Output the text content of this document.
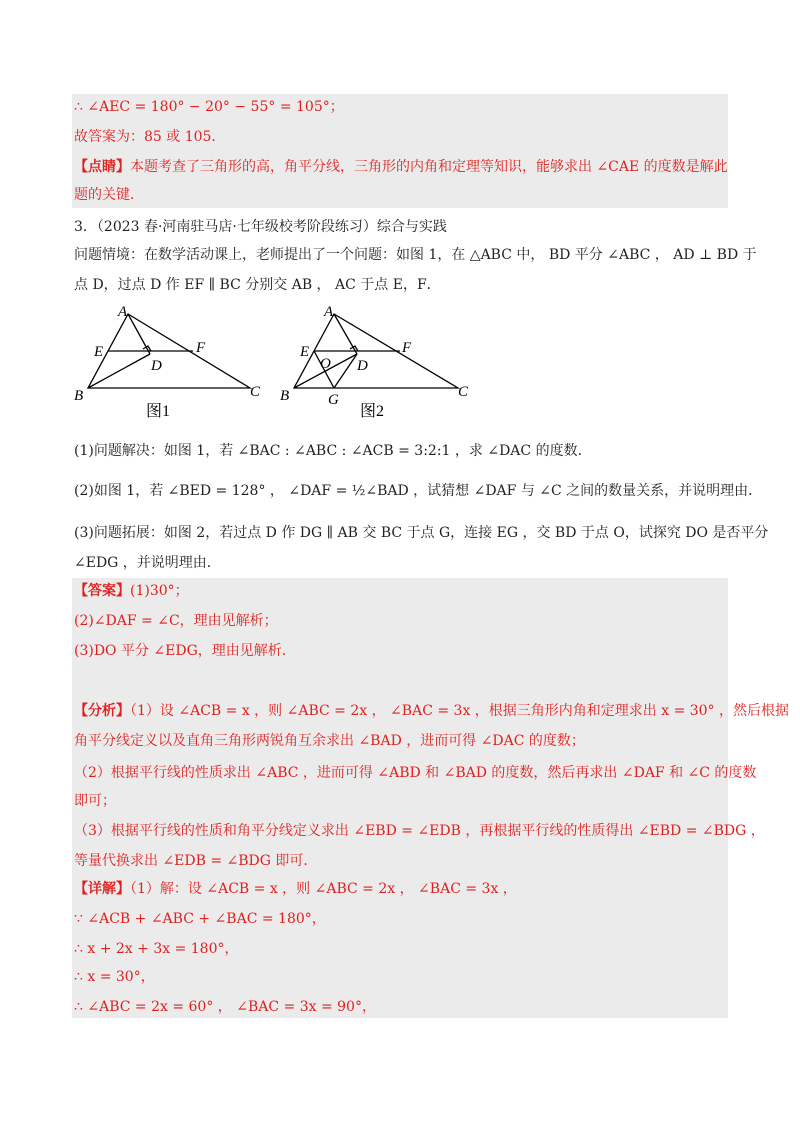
∴ ∠AEC = 180° − 20° − 55° = 105°；
故答案为：85 或 105．
【点睛】本题考查了三角形的高，角平分线，三角形的内角和定理等知识，能够求出 ∠CAE 的度数是解此
题的关键．
3．（2023 春·河南驻马店·七年级校考阶段练习）综合与实践
问题情境：在数学活动课上，老师提出了一个问题：如图 1，在 △ABC 中， BD 平分 ∠ABC ， AD ⊥ BD 于
点 D，过点 D 作 EF ∥ BC 分别交 AB ， AC 于点 E，F．
A
E	F
D
B	C
图1
A
E
O
F
D
B	G	C
图2
(1)问题解决：如图 1，若 ∠BAC : ∠ABC : ∠ACB = 3:2:1 ，求 ∠DAC 的度数．
(2)如图 1，若 ∠BED = 128° ， ∠DAF = ½∠BAD ，试猜想 ∠DAF 与 ∠C 之间的数量关系，并说明理由．
(3)问题拓展：如图 2，若过点 D 作 DG ∥ AB 交 BC 于点 G，连接 EG ，交 BD 于点 O，试探究 DO 是否平分
∠EDG ，并说明理由．
【答案】(1)30°；
(2)∠DAF = ∠C，理由见解析；
(3)DO 平分 ∠EDG，理由见解析．
【分析】（1）设 ∠ACB = x ，则 ∠ABC = 2x ， ∠BAC = 3x ，根据三角形内角和定理求出 x = 30° ，然后根据
角平分线定义以及直角三角形两锐角互余求出 ∠BAD ，进而可得 ∠DAC 的度数；
（2）根据平行线的性质求出 ∠ABC ，进而可得 ∠ABD 和 ∠BAD 的度数，然后再求出 ∠DAF 和 ∠C 的度数
即可；
（3）根据平行线的性质和角平分线定义求出 ∠EBD = ∠EDB ，再根据平行线的性质得出 ∠EBD = ∠BDG ，
等量代换求出 ∠EDB = ∠BDG 即可．
【详解】（1）解：设 ∠ACB = x ，则 ∠ABC = 2x ， ∠BAC = 3x ，
∵ ∠ACB + ∠ABC + ∠BAC = 180°，
∴ x + 2x + 3x = 180°，
∴ x = 30°，
∴ ∠ABC = 2x = 60° ， ∠BAC = 3x = 90°，
